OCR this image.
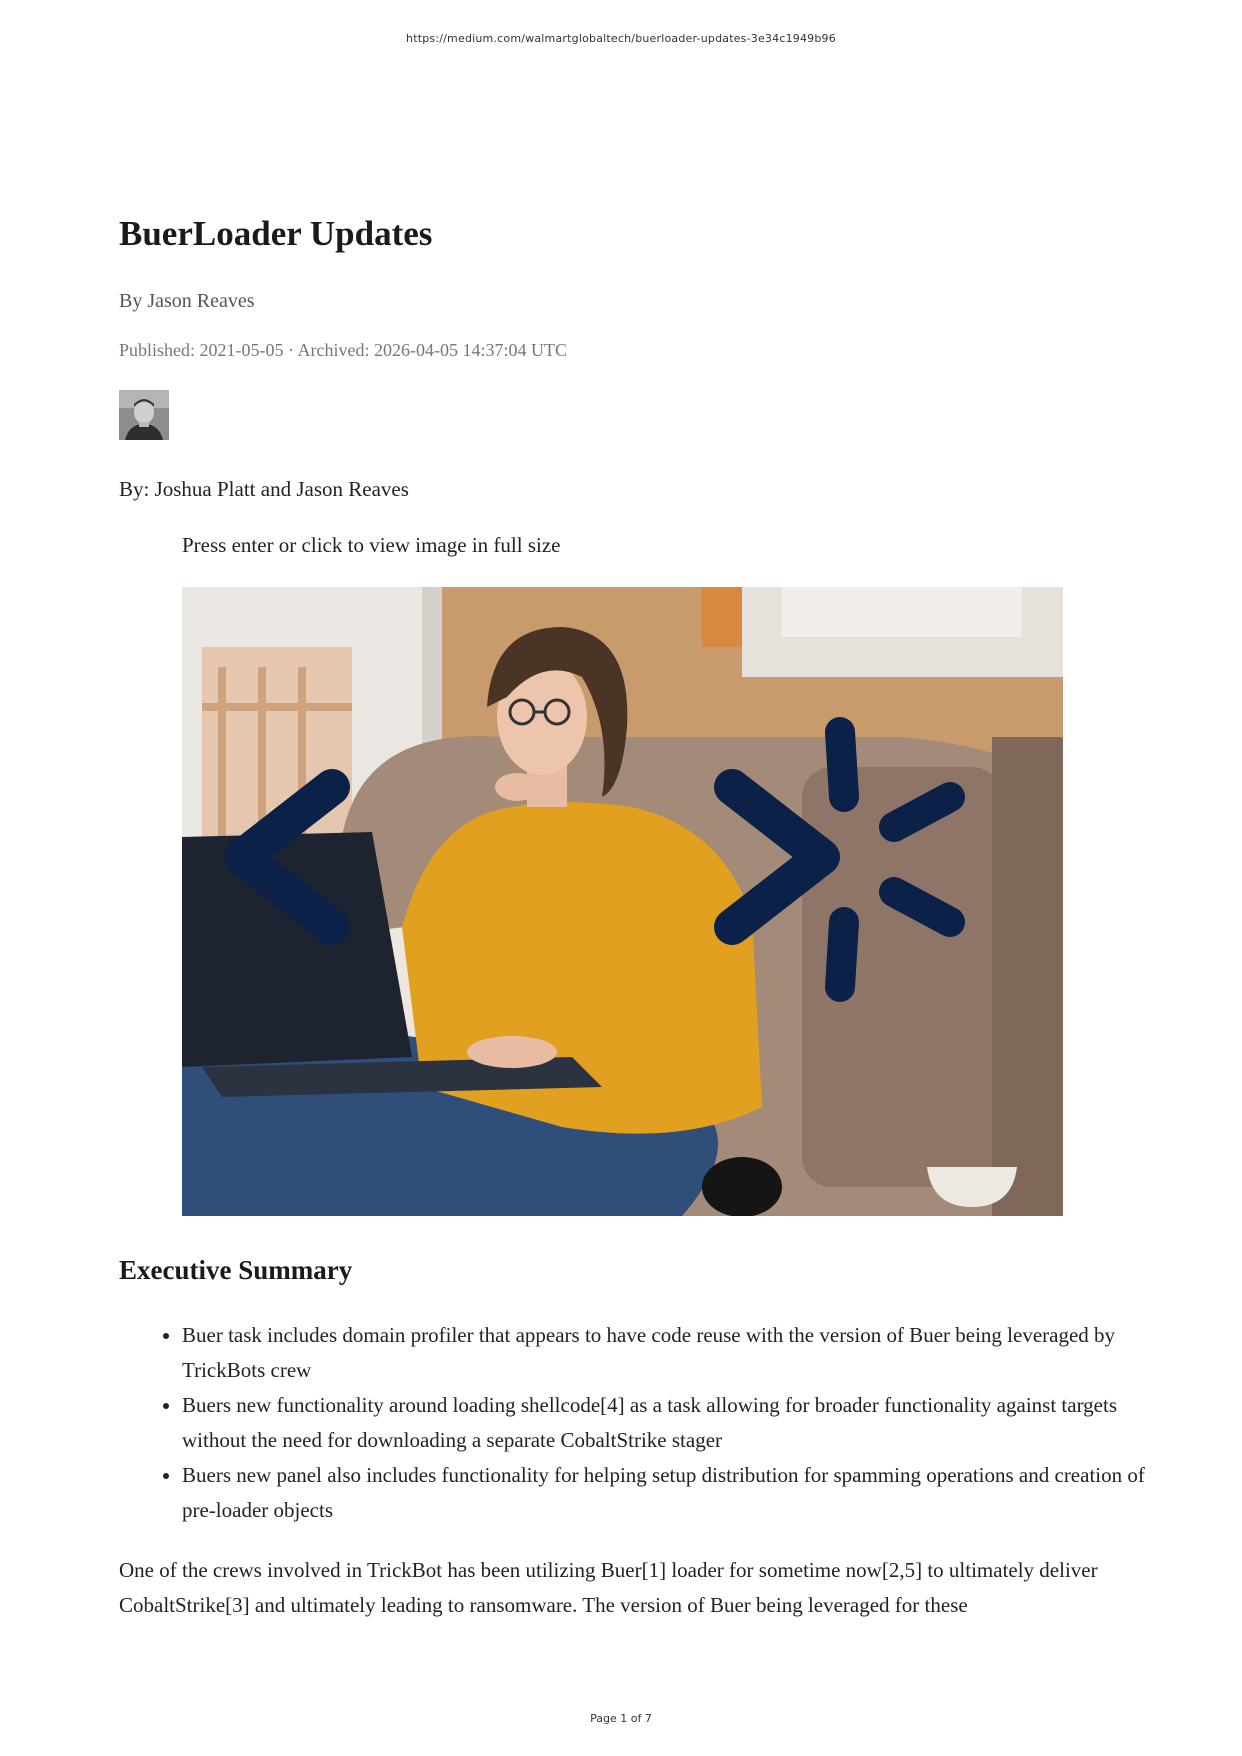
https://medium.com/walmartglobaltech/buerloader-updates-3e34c1949b96
BuerLoader Updates
By Jason Reaves
Published: 2021-05-05 · Archived: 2026-04-05 14:37:04 UTC
By: Joshua Platt and Jason Reaves
Press enter or click to view image in full size
Executive Summary
• Buer task includes domain profiler that appears to have code reuse with the version of Buer being leveraged by TrickBots crew
• Buers new functionality around loading shellcode[4] as a task allowing for broader functionality against targets without the need for downloading a separate CobaltStrike stager
• Buers new panel also includes functionality for helping setup distribution for spamming operations and creation of pre-loader objects

One of the crews involved in TrickBot has been utilizing Buer[1] loader for sometime now[2,5] to ultimately deliver CobaltStrike[3] and ultimately leading to ransomware. The version of Buer being leveraged for these

Page 1 of 7
